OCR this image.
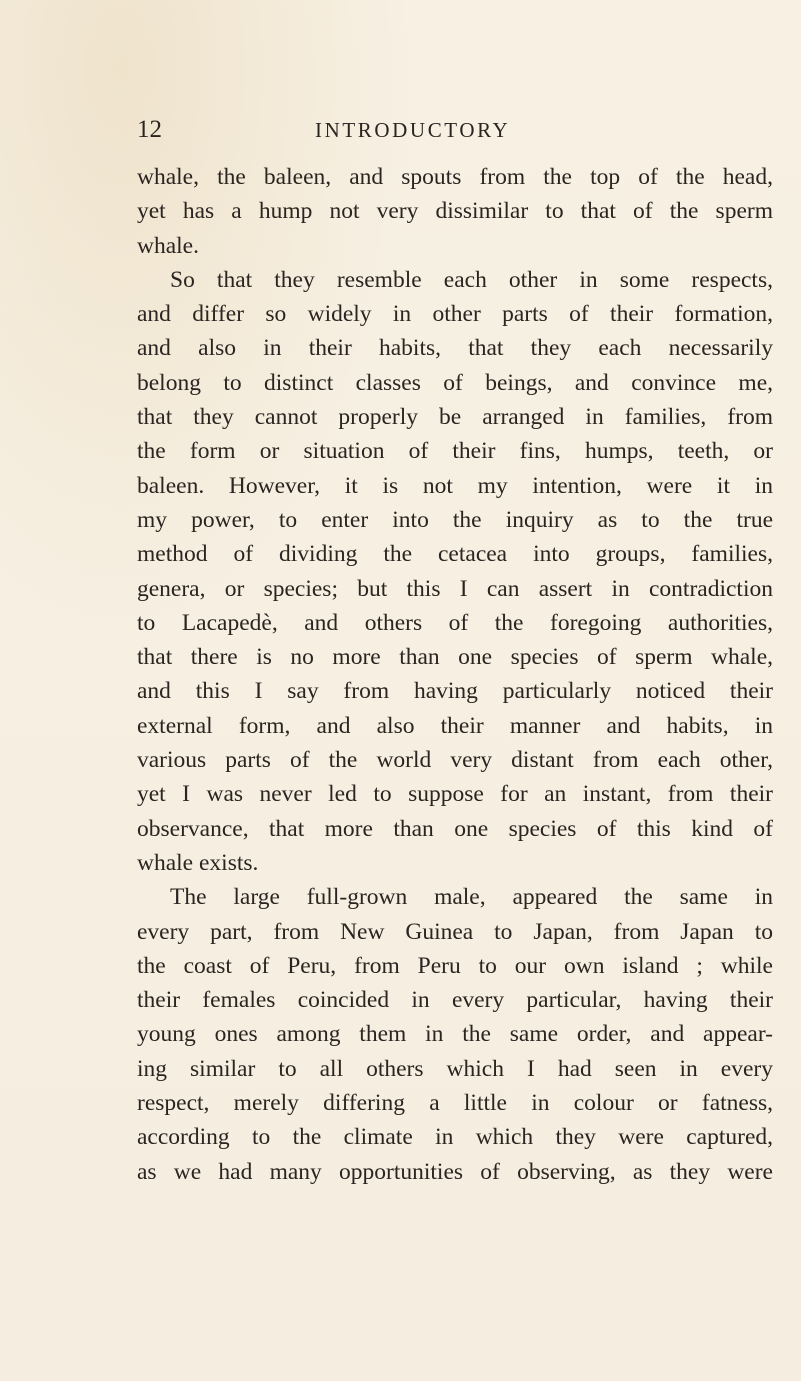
12	INTRODUCTORY
whale, the baleen, and spouts from the top of the head,
yet has a hump not very dissimilar to that of the sperm
whale.
So that they resemble each other in some respects,
and differ so widely in other parts of their formation,
and also in their habits, that they each necessarily
belong to distinct classes of beings, and convince me,
that they cannot properly be arranged in families, from
the form or situation of their fins, humps, teeth, or
baleen. However, it is not my intention, were it in
my power, to enter into the inquiry as to the true
method of dividing the cetacea into groups, families,
genera, or species; but this I can assert in contradiction
to Lacapedè, and others of the foregoing authorities,
that there is no more than one species of sperm whale,
and this I say from having particularly noticed their
external form, and also their manner and habits, in
various parts of the world very distant from each other,
yet I was never led to suppose for an instant, from their
observance, that more than one species of this kind of
whale exists.
The large full-grown male, appeared the same in
every part, from New Guinea to Japan, from Japan to
the coast of Peru, from Peru to our own island ; while
their females coincided in every particular, having their
young ones among them in the same order, and appear-
ing similar to all others which I had seen in every
respect, merely differing a little in colour or fatness,
according to the climate in which they were captured,
as we had many opportunities of observing, as they were
